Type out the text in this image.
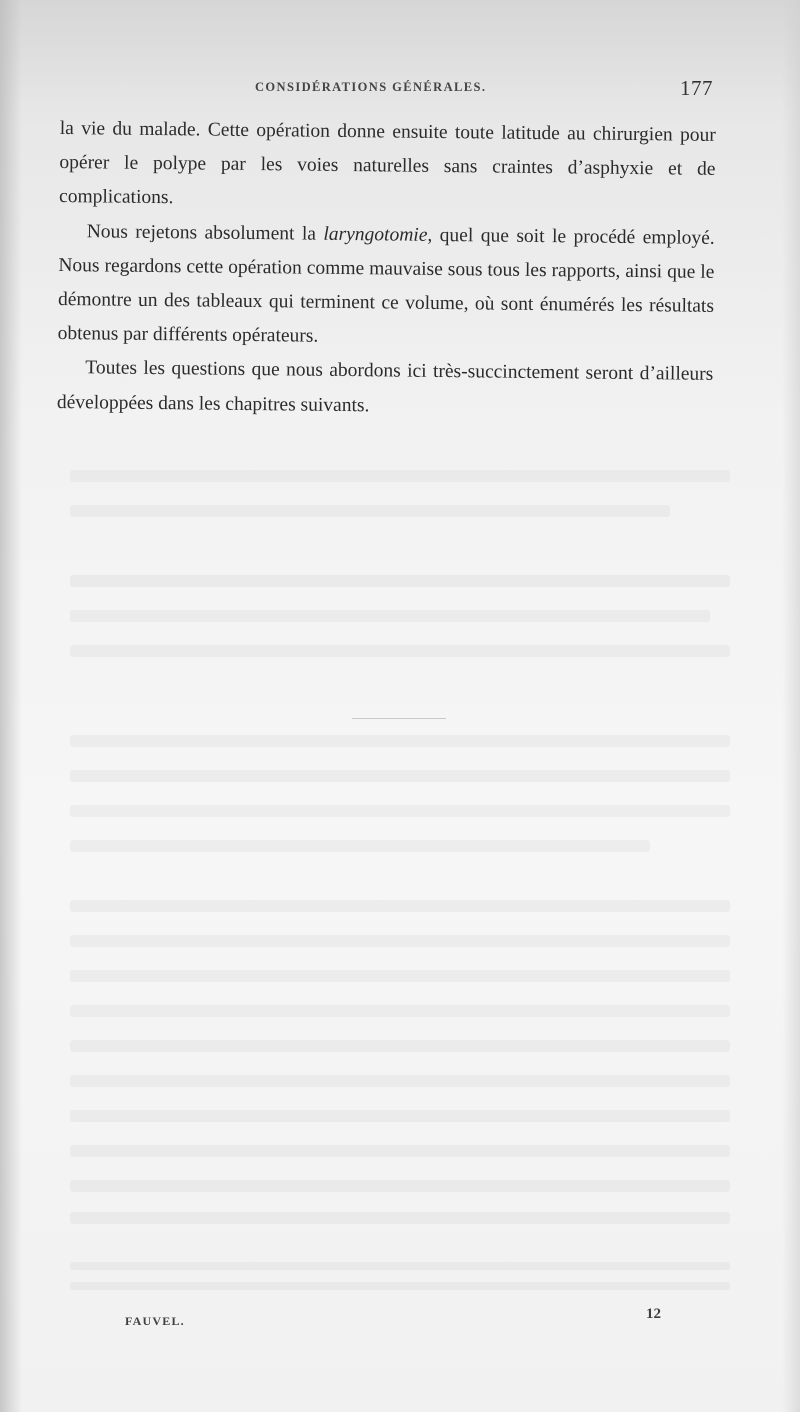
CONSIDÉRATIONS GÉNÉRALES.	177

la vie du malade. Cette opération donne ensuite toute latitude au chirurgien pour opérer le polype par les voies naturelles sans craintes d’asphyxie et de complications.

Nous rejetons absolument la laryngotomie, quel que soit le procédé employé. Nous regardons cette opération comme mauvaise sous tous les rapports, ainsi que le démontre un des tableaux qui terminent ce volume, où sont énumérés les résultats obtenus par différents opérateurs.

Toutes les questions que nous abordons ici très-succinctement seront d’ailleurs développées dans les chapitres suivants.

FAUVEL.	12
